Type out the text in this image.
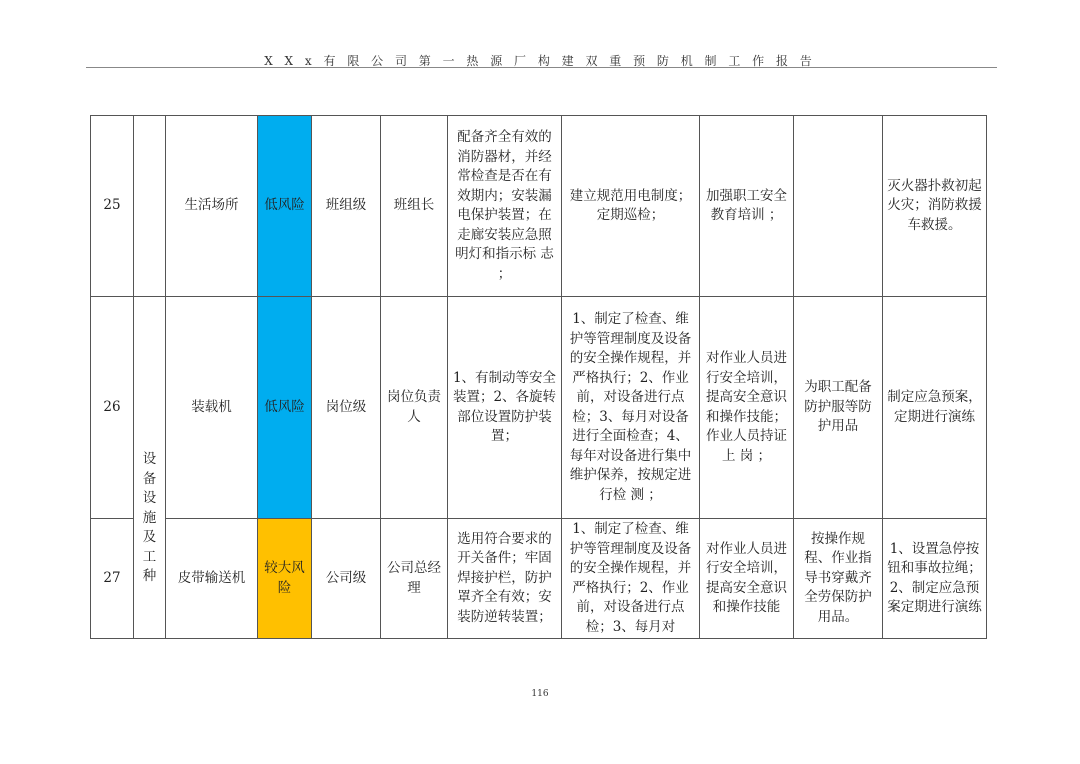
X X x 有 限 公 司 第 一 热 源 厂 构 建 双 重 预 防 机 制 工 作 报 告
25		生活场所	低风险	班组级	班组长	配备齐全有效的消防器材，并经常检查是否在有效期内；安装漏电保护装置；在走廊安装应急照明灯和指示标 志 ；	建立规范用电制度；定期巡检；	加强职工安全教育培训 ；		灭火器扑救初起火灾；消防救援车救援。
26	设备设施及工种	装载机	低风险	岗位级	岗位负责人	1、有制动等安全装置；2、各旋转部位设置防护装置；	1、制定了检查、维护等管理制度及设备的安全操作规程，并严格执行；2、作业前，对设备进行点检；3、每月对设备进行全面检查；4、每年对设备进行集中维护保养，按规定进行检 测 ；	对作业人员进行安全培训，提高安全意识和操作技能；作业人员持证上 岗 ；	为职工配备防护服等防护用品	制定应急预案，定期进行演练
27		皮带输送机	较大风险	公司级	公司总经理	选用符合要求的开关备件；牢固焊接护栏，防护罩齐全有效；安装防逆转装置；	1、制定了检查、维护等管理制度及设备的安全操作规程，并严格执行；2、作业前，对设备进行点检；3、每月对	对作业人员进行安全培训，提高安全意识和操作技能	按操作规程、作业指导书穿戴齐全劳保防护用品。	1、设置急停按钮和事故拉绳；2、制定应急预案定期进行演练
116
